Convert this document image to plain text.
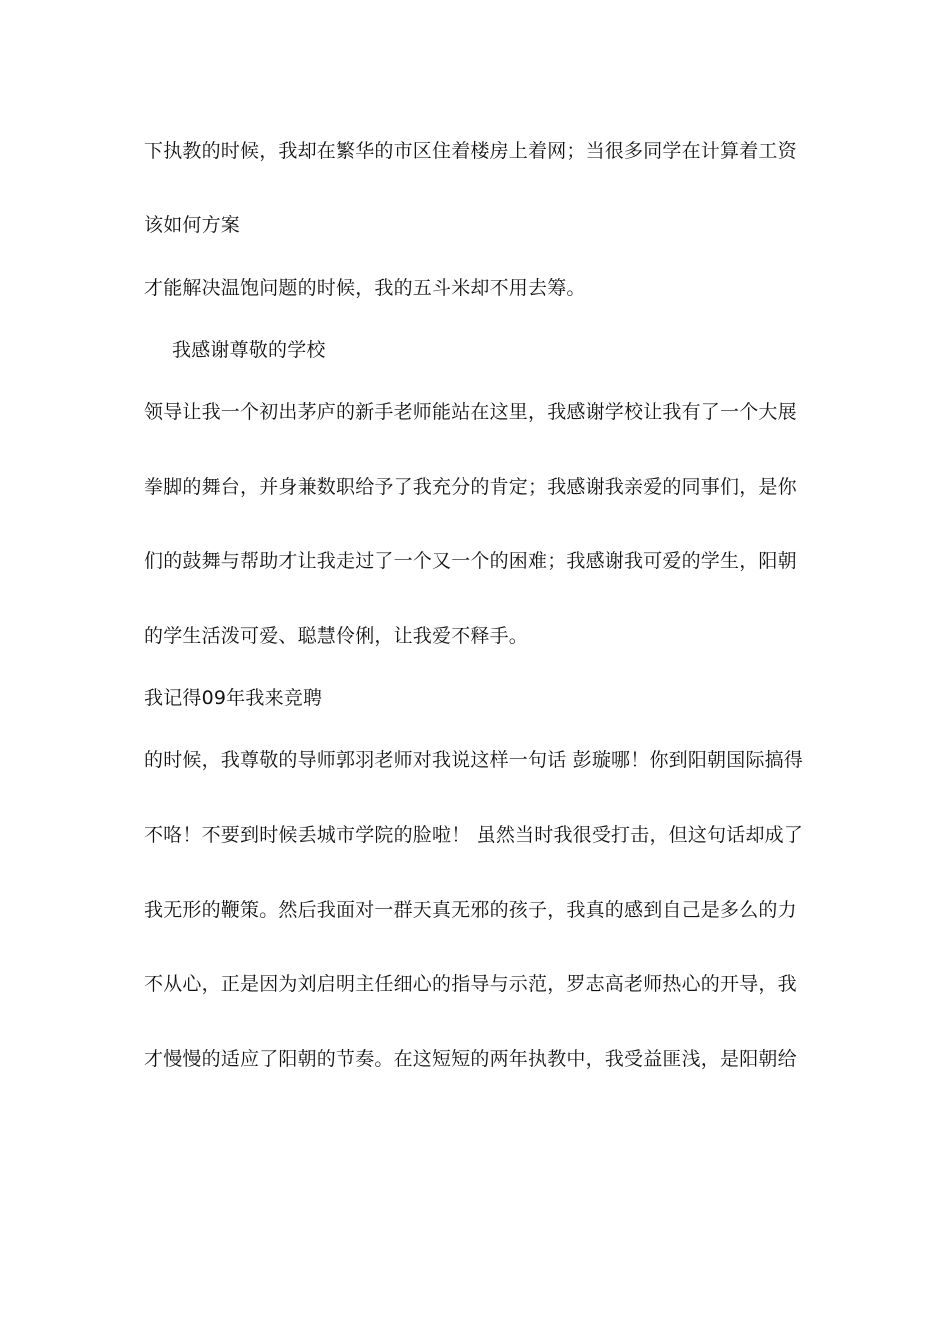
下执教的时候，我却在繁华的市区住着楼房上着网；当很多同学在计算着工资
该如何方案
才能解决温饱问题的时候，我的五斗米却不用去筹。
我感谢尊敬的学校
领导让我一个初出茅庐的新手老师能站在这里，我感谢学校让我有了一个大展
拳脚的舞台，并身兼数职给予了我充分的肯定；我感谢我亲爱的同事们，是你
们的鼓舞与帮助才让我走过了一个又一个的困难；我感谢我可爱的学生，阳朝
的学生活泼可爱、聪慧伶俐，让我爱不释手。
我记得09年我来竞聘
的时候，我尊敬的导师郭羽老师对我说这样一句话 彭璇哪！你到阳朝国际搞得
不咯！不要到时候丢城市学院的脸啦！ 虽然当时我很受打击，但这句话却成了
我无形的鞭策。然后我面对一群天真无邪的孩子，我真的感到自己是多么的力
不从心，正是因为刘启明主任细心的指导与示范，罗志高老师热心的开导，我
才慢慢的适应了阳朝的节奏。在这短短的两年执教中，我受益匪浅，是阳朝给
